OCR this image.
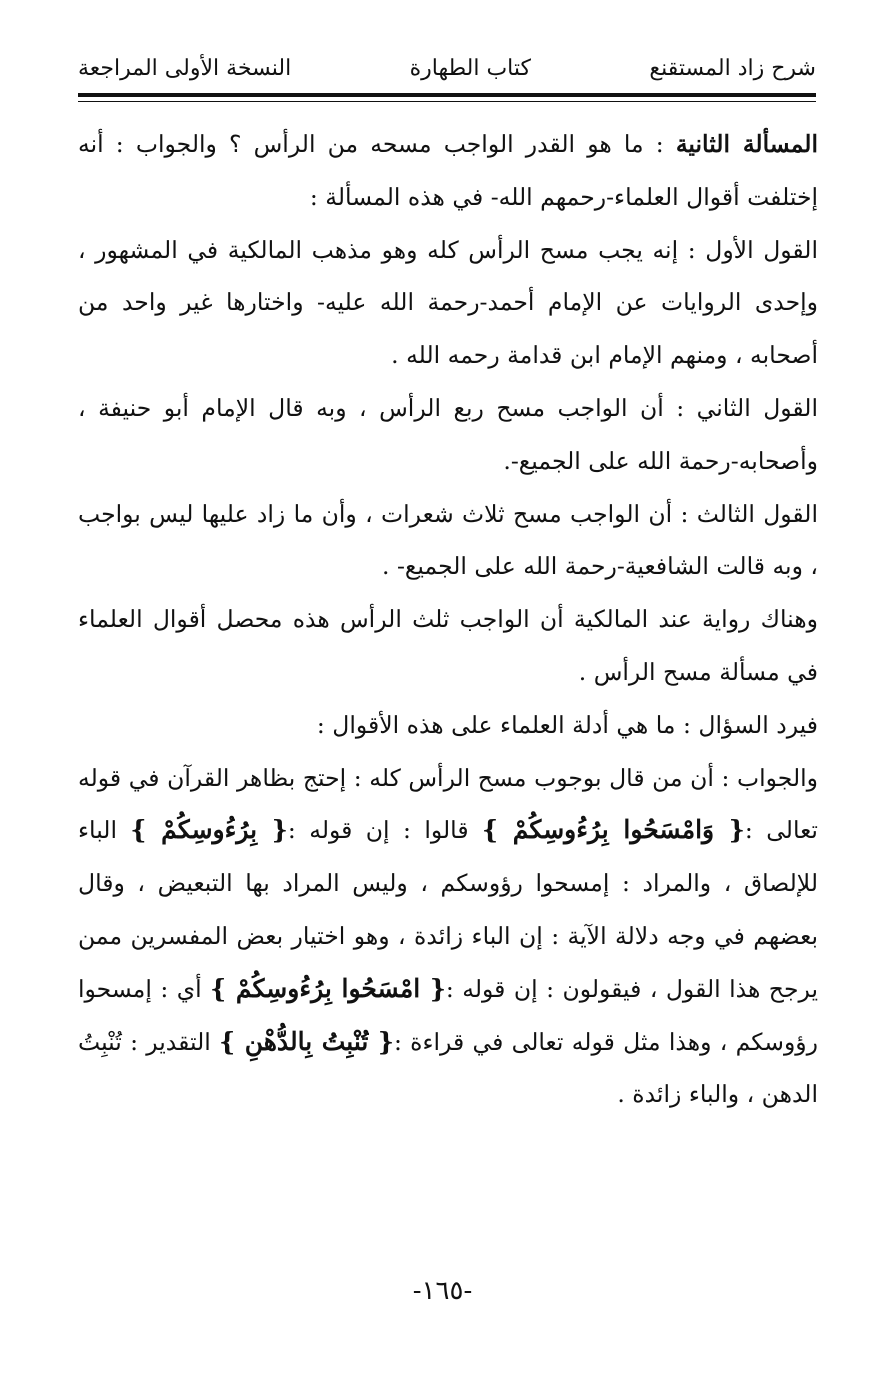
شرح زاد المستقنع
كتاب الطهارة
النسخة الأولى المراجعة

المسألة الثانية : ما هو القدر الواجب مسحه من الرأس ؟ والجواب : أنه إختلفت أقوال العلماء-رحمهم الله- في هذه المسألة :

القول الأول : إنه يجب مسح الرأس كله وهو مذهب المالكية في المشهور ، وإحدى الروايات عن الإمام أحمد-رحمة الله عليه- واختارها غير واحد من أصحابه ، ومنهم الإمام ابن قدامة رحمه الله .

القول الثاني : أن الواجب مسح ربع الرأس ، وبه قال الإمام أبو حنيفة ، وأصحابه-رحمة الله على الجميع-.

القول الثالث : أن الواجب مسح ثلاث شعرات ، وأن ما زاد عليها ليس بواجب ، وبه قالت الشافعية-رحمة الله على الجميع- .

وهناك رواية عند المالكية أن الواجب ثلث الرأس هذه محصل أقوال العلماء في مسألة مسح الرأس .

فيرد السؤال : ما هي أدلة العلماء على هذه الأقوال :

والجواب : أن من قال بوجوب مسح الرأس كله : إحتج بظاهر القرآن في قوله تعالى :{ وَامْسَحُوا بِرُءُوسِكُمْ } قالوا : إن قوله :{ بِرُءُوسِكُمْ } الباء للإلصاق ، والمراد : إمسحوا رؤوسكم ، وليس المراد بها التبعيض ، وقال بعضهم في وجه دلالة الآية : إن الباء زائدة ، وهو اختيار بعض المفسرين ممن يرجح هذا القول ، فيقولون : إن قوله :{ امْسَحُوا بِرُءُوسِكُمْ } أي : إمسحوا رؤوسكم ، وهذا مثل قوله تعالى في قراءة :{ تُنْبِتُ بِالدُّهْنِ } التقدير : تُنْبِتُ الدهن ، والباء زائدة .

-١٦٥-
